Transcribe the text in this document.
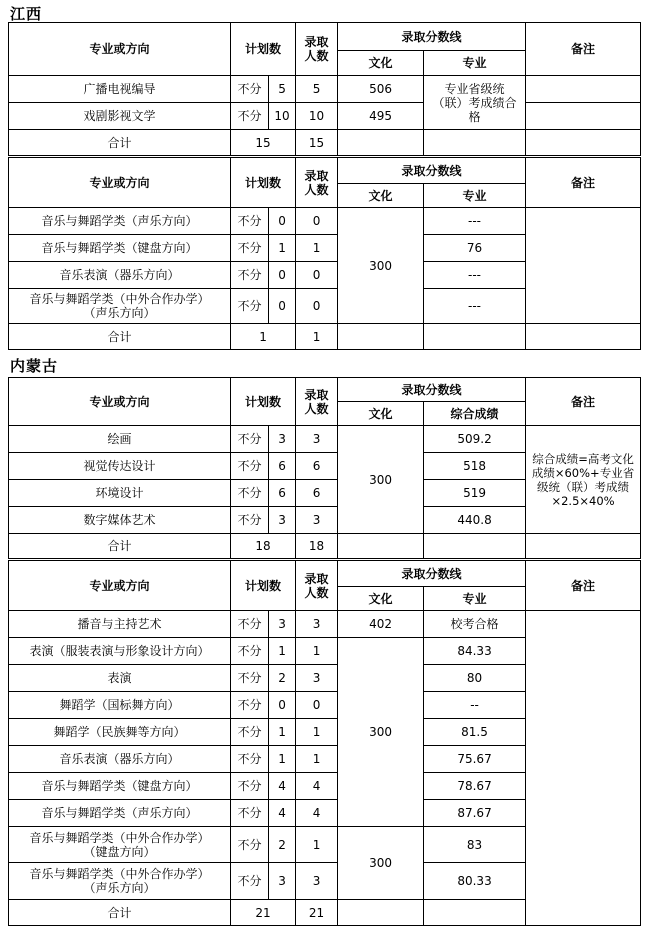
江西
专业或方向	计划数		录取
人数	录取分数线		备注
				文化	专业	
广播电视编导	不分	5	5	506	专业省级统（联）考成绩合格	
戏剧影视文学	不分	10	10	495		
合计	15		15			
专业或方向	计划数		录取
人数	录取分数线		备注
				文化	专业	
音乐与舞蹈学类（声乐方向）	不分	0	0	300	---	
音乐与舞蹈学类（键盘方向）	不分	1	1		76	
音乐表演（器乐方向）	不分	0	0		---	

音乐与舞蹈学类（中外合作办学）
（声乐方向）	不分	0	0		---	
合计	1		1			
内蒙古
专业或方向	计划数		录取
人数	录取分数线		备注
				文化	综合成绩	
绘画	不分	3	3	300	509.2	综合成绩=高考文化成绩×60%+专业省级统（联）考成绩×2.5×40%
视觉传达设计	不分	6	6		518	
环境设计	不分	6	6		519	
数字媒体艺术	不分	3	3		440.8	
合计	18		18			
专业或方向	计划数		录取
人数	录取分数线		备注
				文化	专业	
播音与主持艺术	不分	3	3	402	校考合格	
表演（服装表演与形象设计方向）	不分	1	1	300	84.33	
表演	不分	2	3		80	
舞蹈学（国标舞方向）	不分	0	0		--	
舞蹈学（民族舞等方向）	不分	1	1		81.5	
音乐表演（器乐方向）	不分	1	1		75.67	
音乐与舞蹈学类（键盘方向）	不分	4	4		78.67	
音乐与舞蹈学类（声乐方向）	不分	4	4		87.67	

音乐与舞蹈学类（中外合作办学）
（键盘方向）	不分	2	1	300	83	

音乐与舞蹈学类（中外合作办学）
（声乐方向）	不分	3	3		80.33	
合计	21		21			
